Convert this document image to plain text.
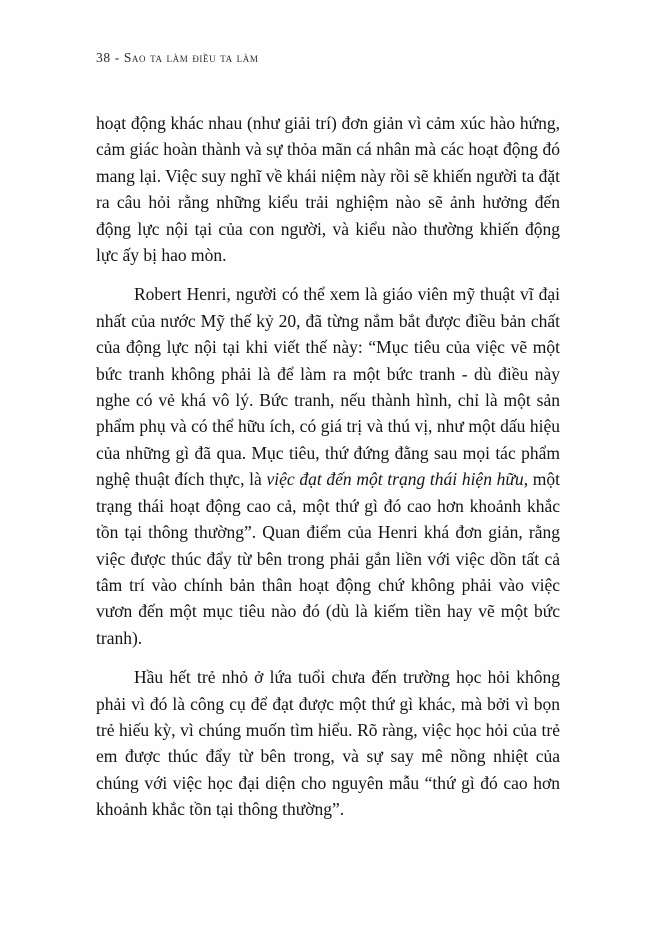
38 - Sao ta làm điều ta làm

hoạt động khác nhau (như giải trí) đơn giản vì cảm xúc hào hứng, cảm giác hoàn thành và sự thỏa mãn cá nhân mà các hoạt động đó mang lại. Việc suy nghĩ về khái niệm này rồi sẽ khiến người ta đặt ra câu hỏi rằng những kiểu trải nghiệm nào sẽ ảnh hưởng đến động lực nội tại của con người, và kiểu nào thường khiến động lực ấy bị hao mòn.

Robert Henri, người có thể xem là giáo viên mỹ thuật vĩ đại nhất của nước Mỹ thế kỷ 20, đã từng nắm bắt được điều bản chất của động lực nội tại khi viết thế này: “Mục tiêu của việc vẽ một bức tranh không phải là để làm ra một bức tranh - dù điều này nghe có vẻ khá vô lý. Bức tranh, nếu thành hình, chỉ là một sản phẩm phụ và có thể hữu ích, có giá trị và thú vị, như một dấu hiệu của những gì đã qua. Mục tiêu, thứ đứng đằng sau mọi tác phẩm nghệ thuật đích thực, là việc đạt đến một trạng thái hiện hữu, một trạng thái hoạt động cao cả, một thứ gì đó cao hơn khoảnh khắc tồn tại thông thường”. Quan điểm của Henri khá đơn giản, rằng việc được thúc đẩy từ bên trong phải gắn liền với việc dồn tất cả tâm trí vào chính bản thân hoạt động chứ không phải vào việc vươn đến một mục tiêu nào đó (dù là kiếm tiền hay vẽ một bức tranh).

Hầu hết trẻ nhỏ ở lứa tuổi chưa đến trường học hỏi không phải vì đó là công cụ để đạt được một thứ gì khác, mà bởi vì bọn trẻ hiếu kỳ, vì chúng muốn tìm hiểu. Rõ ràng, việc học hỏi của trẻ em được thúc đẩy từ bên trong, và sự say mê nồng nhiệt của chúng với việc học đại diện cho nguyên mẫu “thứ gì đó cao hơn khoảnh khắc tồn tại thông thường”.
